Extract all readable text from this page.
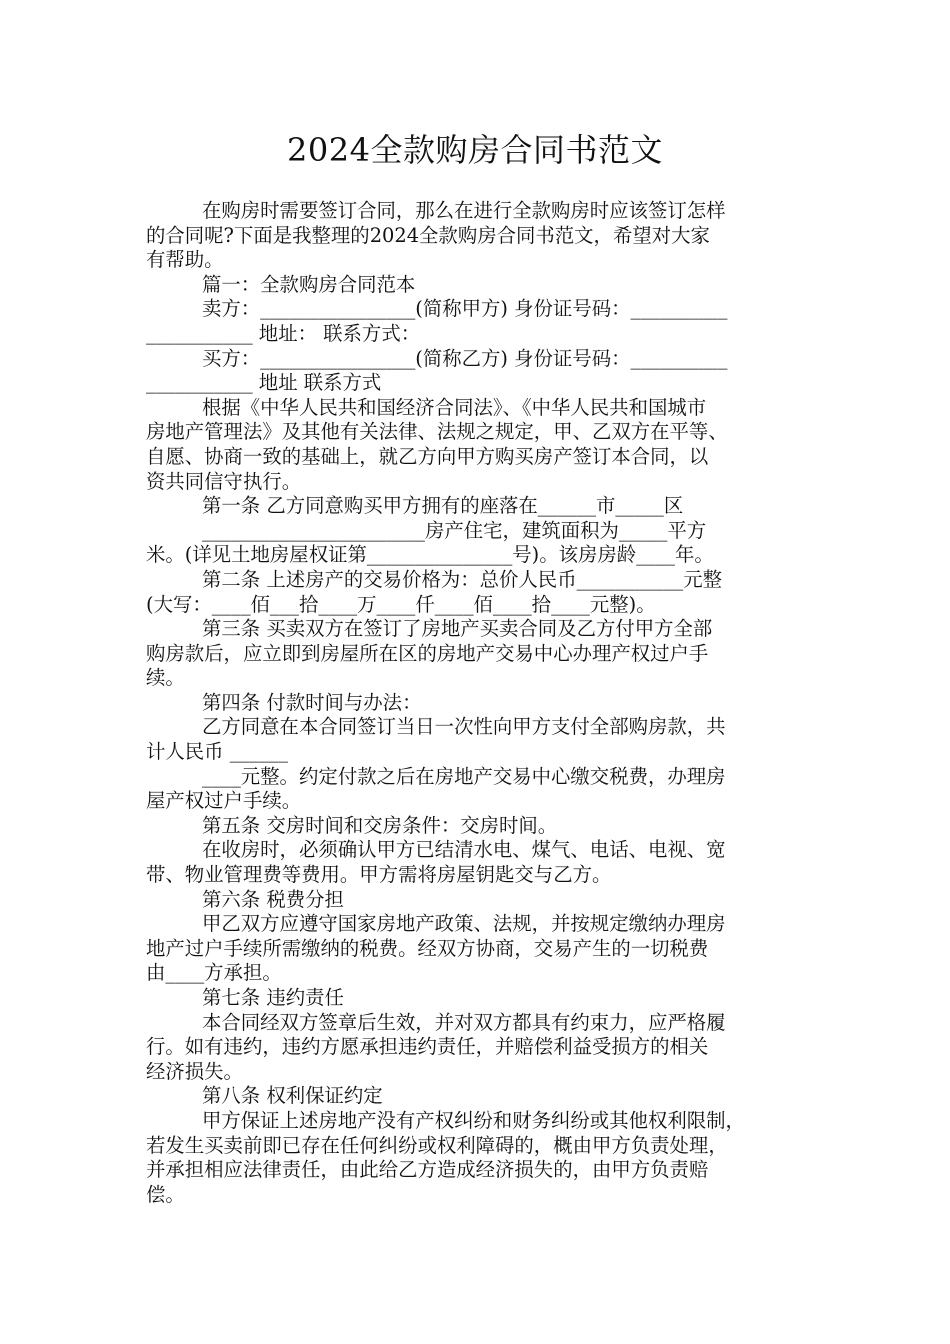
2024全款购房合同书范文
在购房时需要签订合同，那么在进行全款购房时应该签订怎样
的合同呢?下面是我整理的2024全款购房合同书范文，希望对大家
有帮助。
篇一：全款购房合同范本
卖方：________________(简称甲方) 身份证号码：__________
___________ 地址： 联系方式：
买方：________________(简称乙方) 身份证号码：__________
___________ 地址 联系方式
根据《中华人民共和国经济合同法》、《中华人民共和国城市
房地产管理法》及其他有关法律、法规之规定，甲、乙双方在平等、
自愿、协商一致的基础上，就乙方向甲方购买房产签订本合同，以
资共同信守执行。
第一条 乙方同意购买甲方拥有的座落在______市_____区
_______________________房产住宅，建筑面积为_____平方
米。(详见土地房屋权证第_______________号)。该房房龄____年。
第二条 上述房产的交易价格为：总价人民币___________元整
(大写：____佰___拾____万____仟____佰____拾____元整)。
第三条 买卖双方在签订了房地产买卖合同及乙方付甲方全部
购房款后，应立即到房屋所在区的房地产交易中心办理产权过户手
续。
第四条 付款时间与办法：
乙方同意在本合同签订当日一次性向甲方支付全部购房款，共
计人民币 ______
____元整。约定付款之后在房地产交易中心缴交税费，办理房
屋产权过户手续。
第五条 交房时间和交房条件：交房时间。
在收房时，必须确认甲方已结清水电、煤气、电话、电视、宽
带、物业管理费等费用。甲方需将房屋钥匙交与乙方。
第六条 税费分担
甲乙双方应遵守国家房地产政策、法规，并按规定缴纳办理房
地产过户手续所需缴纳的税费。经双方协商，交易产生的一切税费
由____方承担。
第七条 违约责任
本合同经双方签章后生效，并对双方都具有约束力，应严格履
行。如有违约，违约方愿承担违约责任，并赔偿利益受损方的相关
经济损失。
第八条 权利保证约定
甲方保证上述房地产没有产权纠纷和财务纠纷或其他权利限制，
若发生买卖前即已存在任何纠纷或权利障碍的，概由甲方负责处理，
并承担相应法律责任，由此给乙方造成经济损失的，由甲方负责赔
偿。
